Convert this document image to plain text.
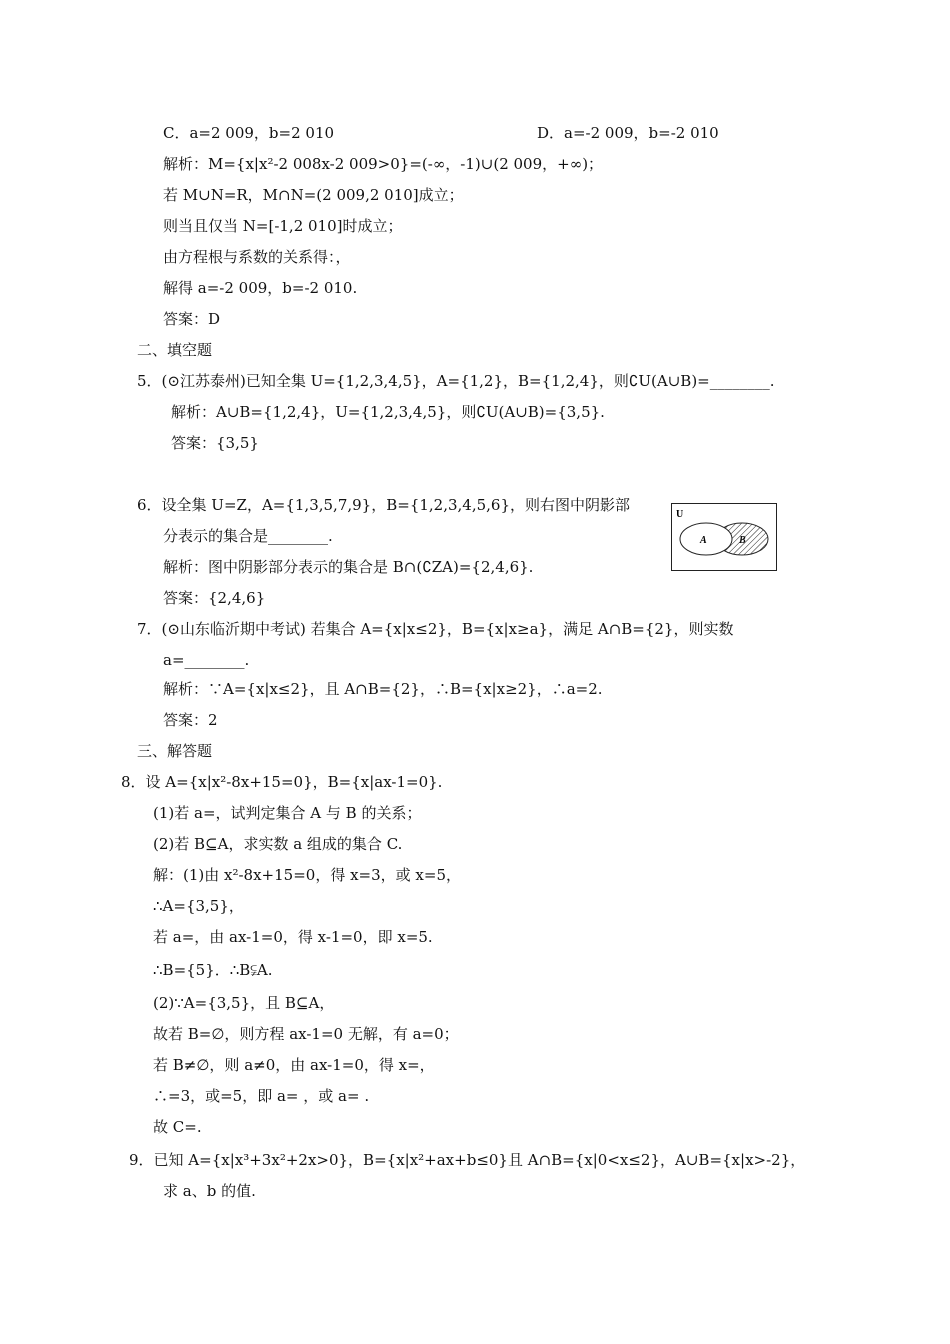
C．a=2 009，b=2 010	D．a=-2 009，b=-2 010
解析：M={x|x²-2 008x-2 009>0}=(-∞，-1)∪(2 009，+∞)；
若 M∪N=R，M∩N=(2 009,2 010]成立；
则当且仅当 N=[-1,2 010]时成立；
由方程根与系数的关系得：，
解得 a=-2 009，b=-2 010.
答案：D
二、填空题
5．(⊙江苏泰州)已知全集 U={1,2,3,4,5}，A={1,2}，B={1,2,4}，则∁U(A∪B)=________.
解析：A∪B={1,2,4}，U={1,2,3,4,5}，则∁U(A∪B)={3,5}.
答案：{3,5}
6．设全集 U=Z，A={1,3,5,7,9}，B={1,2,3,4,5,6}，则右图中阴影部
分表示的集合是________.
解析：图中阴影部分表示的集合是 B∩(∁ZA)={2,4,6}.
答案：{2,4,6}
7．(⊙山东临沂期中考试) 若集合 A={x|x≤2}，B={x|x≥a}，满足 A∩B={2}，则实数
a=________.
解析：∵A={x|x≤2}，且 A∩B={2}，∴B={x|x≥2}，∴a=2.
答案：2
三、解答题
8．设 A={x|x²-8x+15=0}，B={x|ax-1=0}.
(1)若 a=，试判定集合 A 与 B 的关系；
(2)若 B⊆A，求实数 a 组成的集合 C.
解：(1)由 x²-8x+15=0，得 x=3，或 x=5，
∴A={3,5}，
若 a=，由 ax-1=0，得 x-1=0，即 x=5.
∴B={5}．∴B⫋A.
(2)∵A={3,5}，且 B⊆A，
故若 B=∅，则方程 ax-1=0 无解，有 a=0；
若 B≠∅，则 a≠0，由 ax-1=0，得 x=，
∴=3，或=5，即 a= ，或 a= .
故 C=.
9．已知 A={x|x³+3x²+2x>0}，B={x|x²+ax+b≤0}且 A∩B={x|0<x≤2}，A∪B={x|x>-2}，
求 a、b 的值.
U
A	B
